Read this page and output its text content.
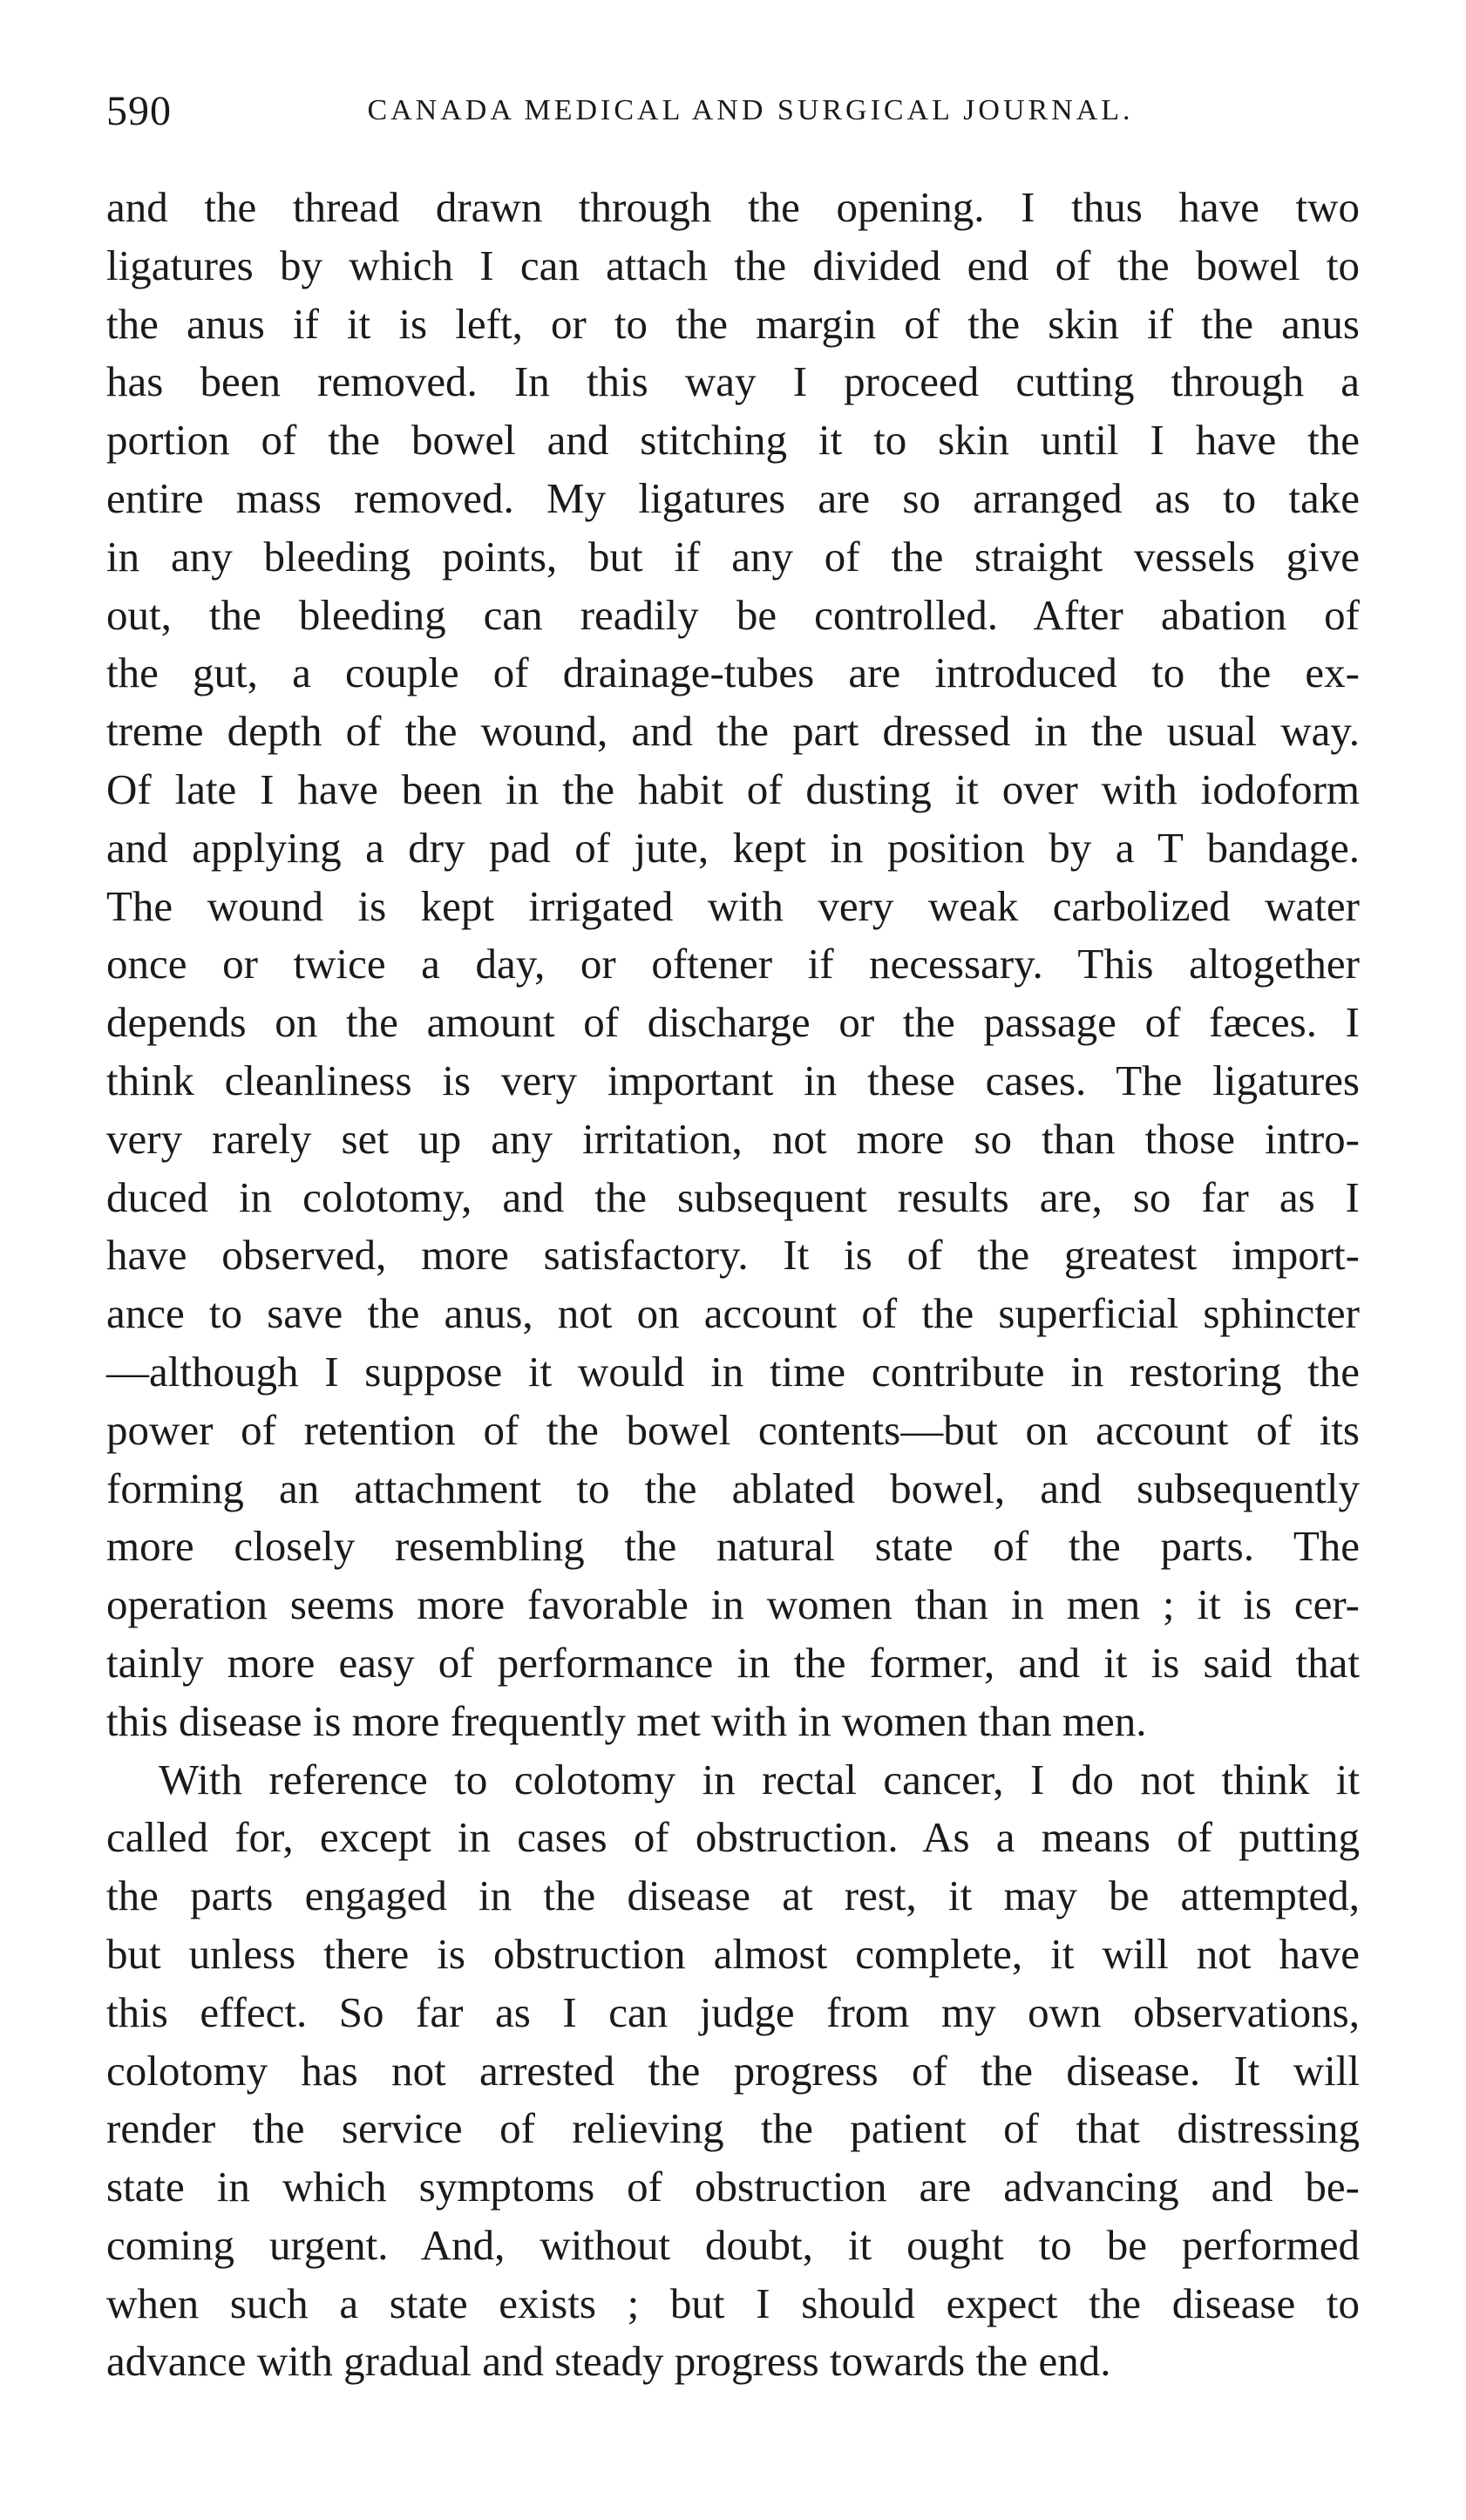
590	CANADA MEDICAL AND SURGICAL JOURNAL.
and the thread drawn through the opening. I thus have two
ligatures by which I can attach the divided end of the bowel to
the anus if it is left, or to the margin of the skin if the anus
has been removed. In this way I proceed cutting through a
portion of the bowel and stitching it to skin until I have the
entire mass removed. My ligatures are so arranged as to take
in any bleeding points, but if any of the straight vessels give
out, the bleeding can readily be controlled. After abation of
the gut, a couple of drainage-tubes are introduced to the ex-
treme depth of the wound, and the part dressed in the usual way.
Of late I have been in the habit of dusting it over with iodoform
and applying a dry pad of jute, kept in position by a T bandage.
The wound is kept irrigated with very weak carbolized water
once or twice a day, or oftener if necessary. This altogether
depends on the amount of discharge or the passage of fæces. I
think cleanliness is very important in these cases. The ligatures
very rarely set up any irritation, not more so than those intro-
duced in colotomy, and the subsequent results are, so far as I
have observed, more satisfactory. It is of the greatest import-
ance to save the anus, not on account of the superficial sphincter
—although I suppose it would in time contribute in restoring the
power of retention of the bowel contents—but on account of its
forming an attachment to the ablated bowel, and subsequently
more closely resembling the natural state of the parts. The
operation seems more favorable in women than in men ; it is cer-
tainly more easy of performance in the former, and it is said that
this disease is more frequently met with in women than men.
With reference to colotomy in rectal cancer, I do not think it
called for, except in cases of obstruction. As a means of putting
the parts engaged in the disease at rest, it may be attempted,
but unless there is obstruction almost complete, it will not have
this effect. So far as I can judge from my own observations,
colotomy has not arrested the progress of the disease. It will
render the service of relieving the patient of that distressing
state in which symptoms of obstruction are advancing and be-
coming urgent. And, without doubt, it ought to be performed
when such a state exists ; but I should expect the disease to
advance with gradual and steady progress towards the end.
